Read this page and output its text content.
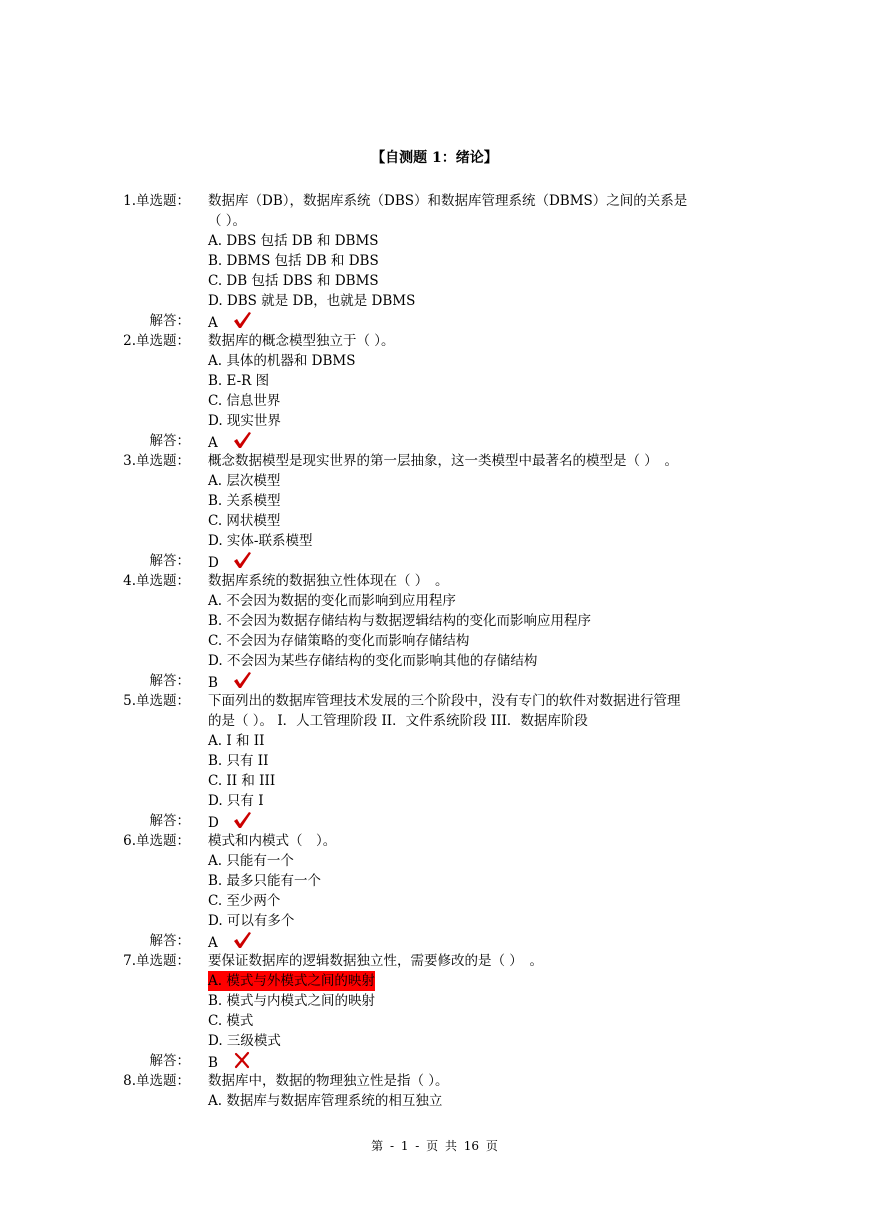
【自测题 1：绪论】
1.单选题： 数据库（DB），数据库系统（DBS）和数据库管理系统（DBMS）之间的关系是
（ ）。
A. DBS 包括 DB 和 DBMS
B. DBMS 包括 DB 和 DBS
C. DB 包括 DBS 和 DBMS
D. DBS 就是 DB，也就是 DBMS
解答： A
2.单选题： 数据库的概念模型独立于（ ）。
A. 具体的机器和 DBMS
B. E-R 图
C. 信息世界
D. 现实世界
解答： A
3.单选题： 概念数据模型是现实世界的第一层抽象，这一类模型中最著名的模型是（ ）　。
A. 层次模型
B. 关系模型
C. 网状模型
D. 实体-联系模型
解答： D
4.单选题： 数据库系统的数据独立性体现在（ ）　。
A. 不会因为数据的变化而影响到应用程序
B. 不会因为数据存储结构与数据逻辑结构的变化而影响应用程序
C. 不会因为存储策略的变化而影响存储结构
D. 不会因为某些存储结构的变化而影响其他的存储结构
解答： B
5.单选题： 下面列出的数据库管理技术发展的三个阶段中，没有专门的软件对数据进行管理
的是（ ）。 I．人工管理阶段 II．文件系统阶段 III．数据库阶段
A. I 和 II
B. 只有 II
C. II 和 III
D. 只有 I
解答： D
6.单选题： 模式和内模式（　）。
A. 只能有一个
B. 最多只能有一个
C. 至少两个
D. 可以有多个
解答： A
7.单选题： 要保证数据库的逻辑数据独立性，需要修改的是（ ）　。
A. 模式与外模式之间的映射
B. 模式与内模式之间的映射
C. 模式
D. 三级模式
解答： B
8.单选题： 数据库中，数据的物理独立性是指（ ）。
A. 数据库与数据库管理系统的相互独立
第 - 1 - 页 共 16 页
